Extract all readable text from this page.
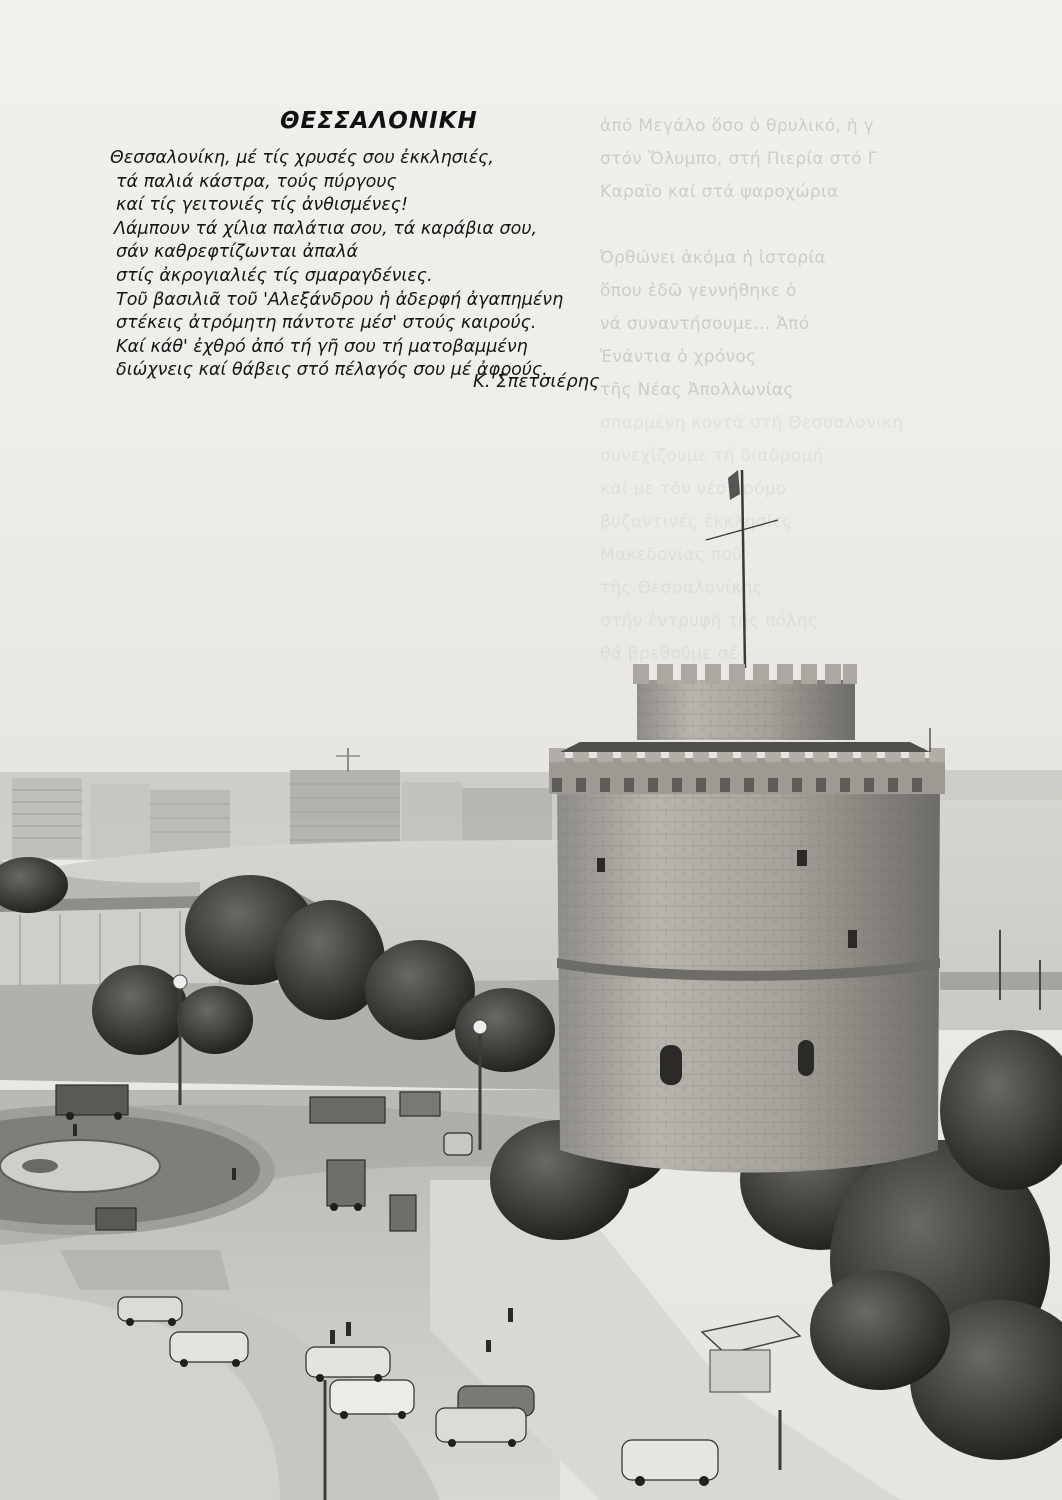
ἀπό Μεγάλο ὅσο ὁ θρυλικό, ἡ γ
στόν Ὄλυμπο, στή Πιερία στό Γ
Καραϊο καί στά ψαροχώρια

Ὀρθώνει ἀκόμα ἡ ἱστορία
ὅπου ἐδῶ γεννήθηκε ὁ
νά συναντήσουμε... Ἀπό
Ἐνάντια ὁ χρόνος
τῆς Νέας Ἀπολλωνίας
ΘΕΣΣΑΛΟΝΙΚΗ
Θεσσαλονίκη, μέ τίς χρυσές σου ἐκκλησιές,
τά παλιά κάστρα, τούς πύργους
καί τίς γειτονιές τίς ἀνθισμένες!
Λάμπουν τά χίλια παλάτια σου, τά καράβια σου,
σάν καθρεφτίζωνται ἀπαλά
στίς ἀκρογιαλιές τίς σμαραγδένιες.
Τοῦ βασιλιᾶ τοῦ 'Αλεξάνδρου ἡ ἀδερφή ἀγαπημένη
στέκεις ἀτρόμητη πάντοτε μέσ' στούς καιρούς.
Καί κάθ' ἐχθρό ἀπό τή γῆ σου τή ματοβαμμένη
διώχνεις καί θάβεις στό πέλαγός σου μέ ἀφρούς.
Κ. Σπετσιέρης
